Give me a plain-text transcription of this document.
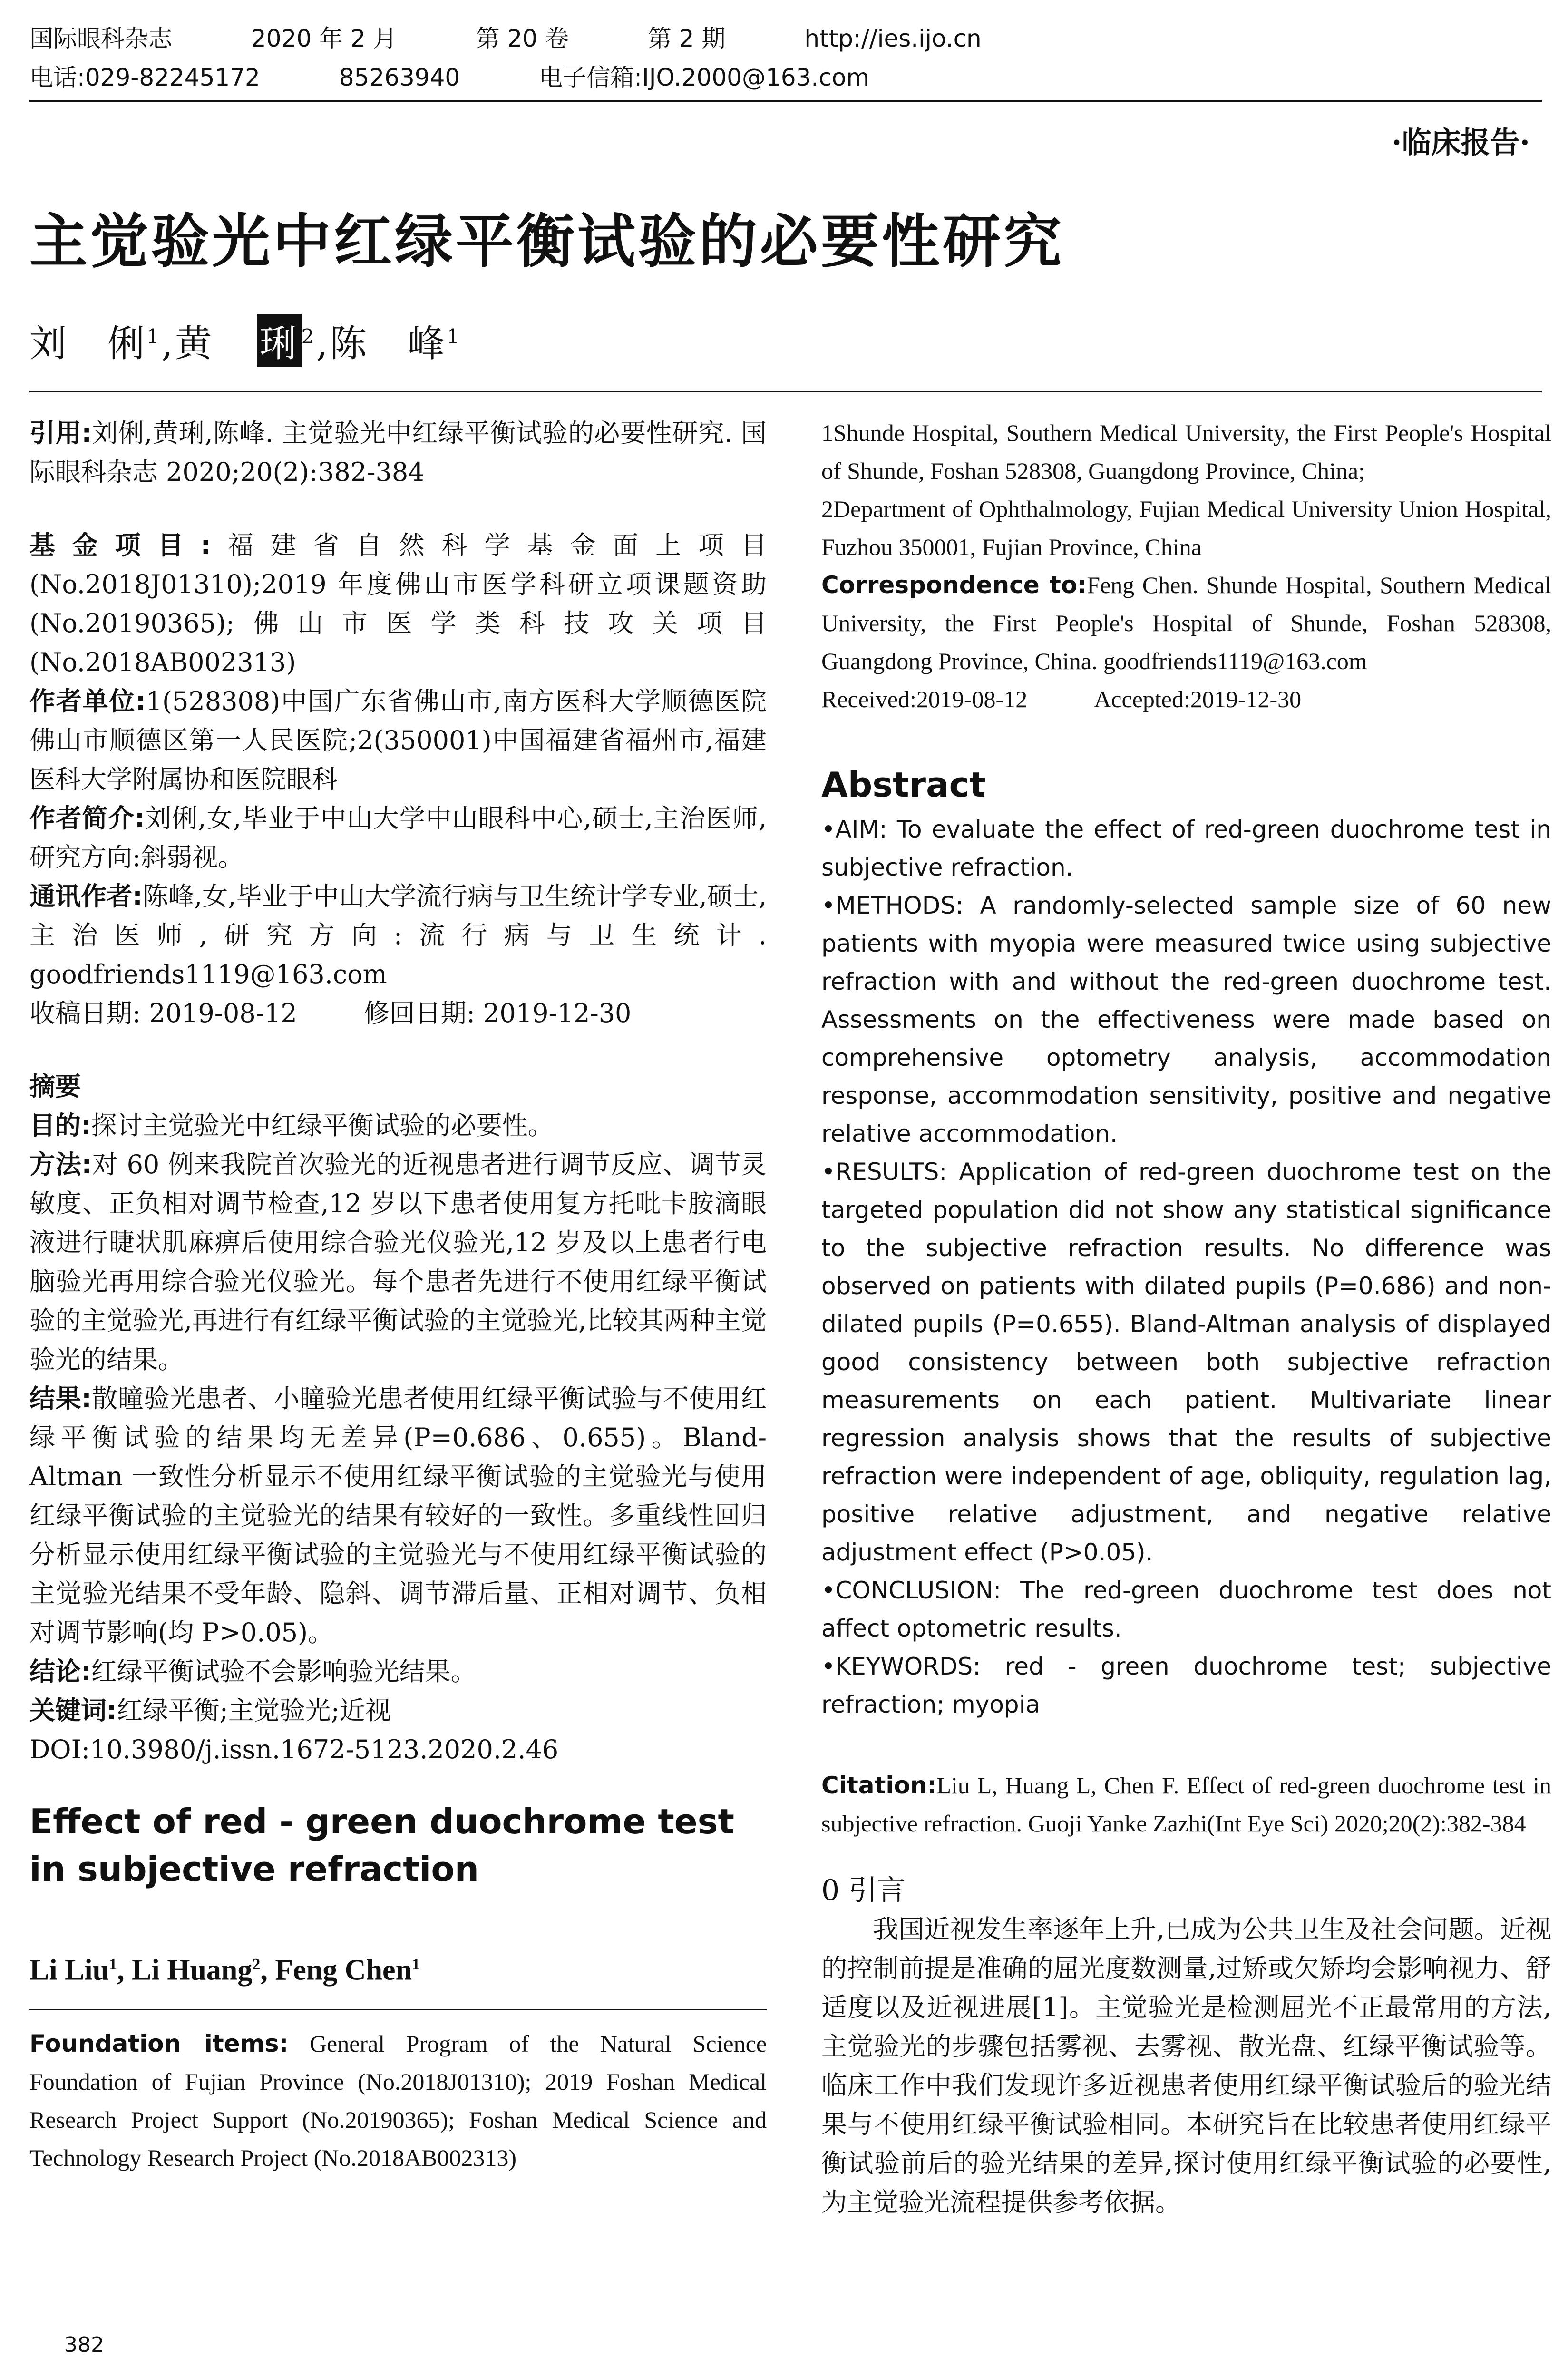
国际眼科杂志	2020 年 2 月	第 20 卷	第 2 期	http://ies.ijo.cn
电话:029-82245172	85263940	电子信箱:IJO.2000@163.com
·临床报告·
主觉验光中红绿平衡试验的必要性研究
刘　俐$^1$,黄 琍 $^2$,陈　峰$^1$

引用:刘俐,黄琍,陈峰. 主觉验光中红绿平衡试验的必要性研究. 国际眼科杂志 2020;20(2):382-384

基金项目:福建省自然科学基金面上项目(No.2018J01310);2019 年度佛山市医学科研立项课题资助(No.20190365);佛山市医学类科技攻关项目(No.2018AB002313)

作者单位:1(528308)中国广东省佛山市,南方医科大学顺德医院 佛山市顺德区第一人民医院;2(350001)中国福建省福州市,福建医科大学附属协和医院眼科

作者简介:刘俐,女,毕业于中山大学中山眼科中心,硕士,主治医师,研究方向:斜弱视。

通讯作者:陈峰,女,毕业于中山大学流行病与卫生统计学专业,硕士,主治医师,研究方向:流行病与卫生统计. goodfriends1119@163.com

收稿日期: 2019-08-12	修回日期: 2019-12-30

摘要

目的:探讨主觉验光中红绿平衡试验的必要性。

方法:对 60 例来我院首次验光的近视患者进行调节反应、调节灵敏度、正负相对调节检查,12 岁以下患者使用复方托吡卡胺滴眼液进行睫状肌麻痹后使用综合验光仪验光,12 岁及以上患者行电脑验光再用综合验光仪验光。每个患者先进行不使用红绿平衡试验的主觉验光,再进行有红绿平衡试验的主觉验光,比较其两种主觉验光的结果。

结果:散瞳验光患者、小瞳验光患者使用红绿平衡试验与不使用红绿平衡试验的结果均无差异(P=0.686、0.655)。Bland-Altman 一致性分析显示不使用红绿平衡试验的主觉验光与使用红绿平衡试验的主觉验光的结果有较好的一致性。多重线性回归分析显示使用红绿平衡试验的主觉验光与不使用红绿平衡试验的主觉验光结果不受年龄、隐斜、调节滞后量、正相对调节、负相对调节影响(均 P>0.05)。

结论:红绿平衡试验不会影响验光结果。

关键词:红绿平衡;主觉验光;近视

DOI:10.3980/j.issn.1672-5123.2020.2.46

Effect of red - green duochrome test in subjective refraction
Li Liu$^1$, Li Huang$^2$, Feng Chen$^1$

Foundation items: General Program of the Natural Science Foundation of Fujian Province (No.2018J01310); 2019 Foshan Medical Research Project Support (No.20190365); Foshan Medical Science and Technology Research Project (No.2018AB002313)

1Shunde Hospital, Southern Medical University, the First People's Hospital of Shunde, Foshan 528308, Guangdong Province, China;

2Department of Ophthalmology, Fujian Medical University Union Hospital, Fuzhou 350001, Fujian Province, China

Correspondence to:Feng Chen. Shunde Hospital, Southern Medical University, the First People's Hospital of Shunde, Foshan 528308, Guangdong Province, China. goodfriends1119@163.com

Received:2019-08-12	Accepted:2019-12-30

Abstract

•AIM: To evaluate the effect of red-green duochrome test in subjective refraction.

•METHODS: A randomly-selected sample size of 60 new patients with myopia were measured twice using subjective refraction with and without the red-green duochrome test. Assessments on the effectiveness were made based on comprehensive optometry analysis, accommodation response, accommodation sensitivity, positive and negative relative accommodation.

•RESULTS: Application of red-green duochrome test on the targeted population did not show any statistical significance to the subjective refraction results. No difference was observed on patients with dilated pupils (P=0.686) and non-dilated pupils (P=0.655). Bland-Altman analysis of displayed good consistency between both subjective refraction measurements on each patient. Multivariate linear regression analysis shows that the results of subjective refraction were independent of age, obliquity, regulation lag, positive relative adjustment, and negative relative adjustment effect (P>0.05).

•CONCLUSION: The red-green duochrome test does not affect optometric results.

•KEYWORDS: red - green duochrome test; subjective refraction; myopia

Citation:Liu L, Huang L, Chen F. Effect of red-green duochrome test in subjective refraction. Guoji Yanke Zazhi(Int Eye Sci) 2020;20(2):382-384

0 引言

我国近视发生率逐年上升,已成为公共卫生及社会问题。近视的控制前提是准确的屈光度数测量,过矫或欠矫均会影响视力、舒适度以及近视进展[1]。主觉验光是检测屈光不正最常用的方法,主觉验光的步骤包括雾视、去雾视、散光盘、红绿平衡试验等。临床工作中我们发现许多近视患者使用红绿平衡试验后的验光结果与不使用红绿平衡试验相同。本研究旨在比较患者使用红绿平衡试验前后的验光结果的差异,探讨使用红绿平衡试验的必要性,为主觉验光流程提供参考依据。

382
